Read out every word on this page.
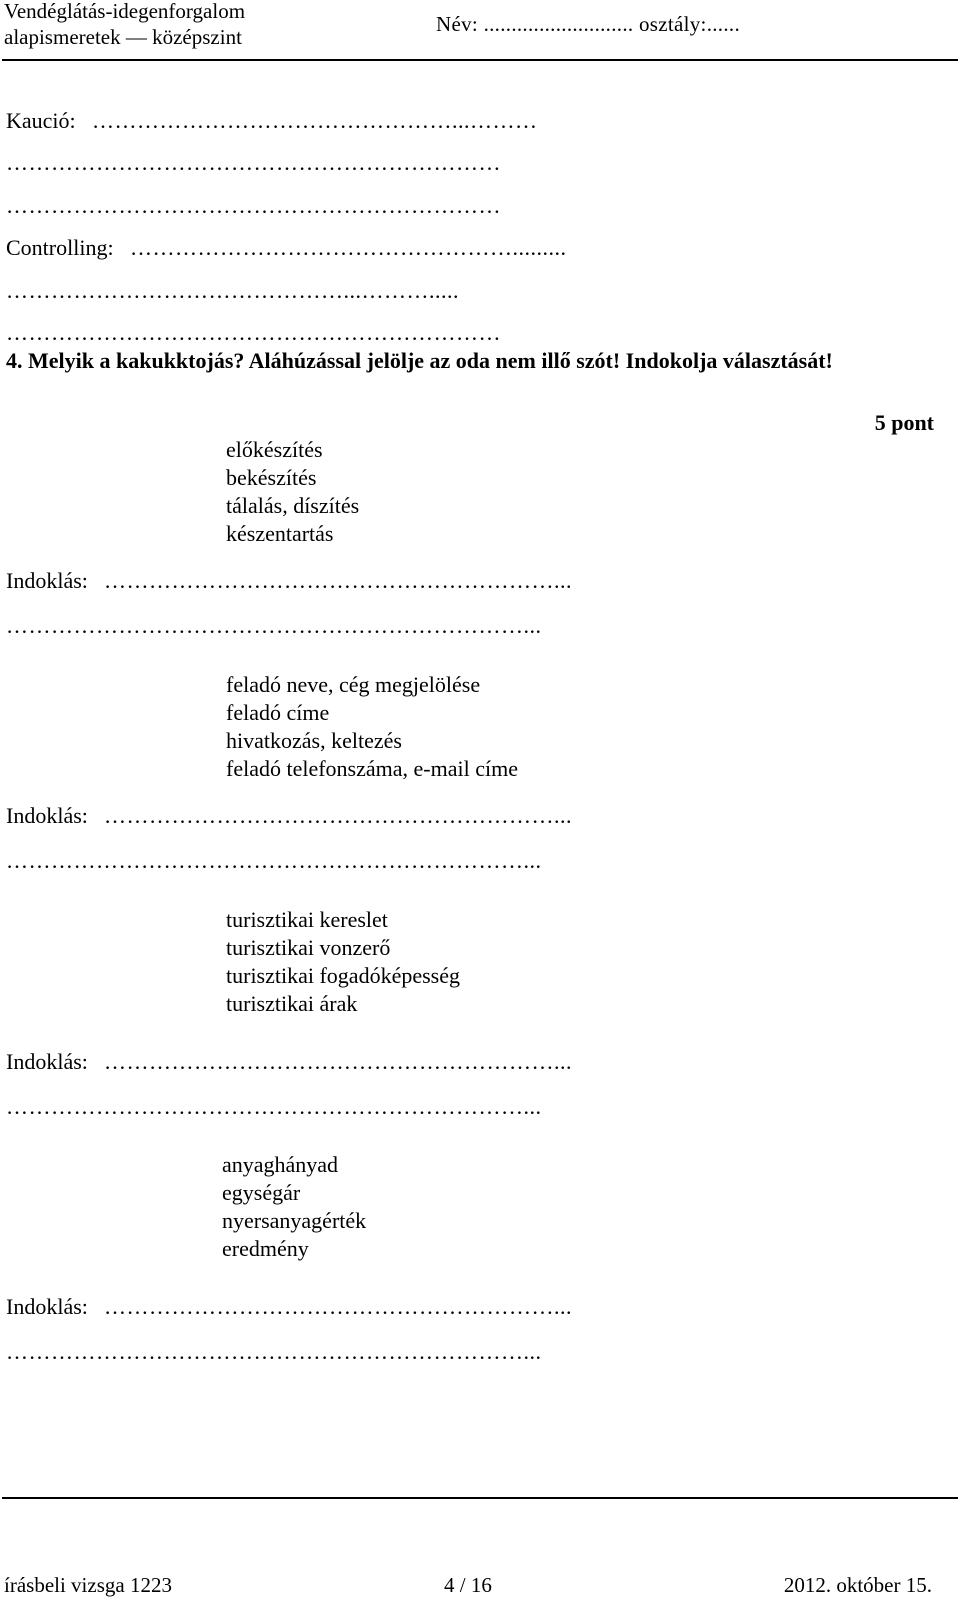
Vendéglátás-idegenforgalom
alapismeretek — középszint
Név: ........................... osztály:......
Kaució: …………………………………………...………
…………………………………………………………
…………………………………………………………
Controlling: …………………………………………….........
………………………………………...……….....
…………………………………………………………
4. Melyik a kakukktojás? Aláhúzással jelölje az oda nem illő szót! Indokolja választását!
5 pont
előkészítés
bekészítés
tálalás, díszítés
készentartás
Indoklás: ……………………………………………………...
……………………………………………………………...
feladó neve, cég megjelölése
feladó címe
hivatkozás, keltezés
feladó telefonszáma, e-mail címe
Indoklás: ……………………………………………………...
……………………………………………………………...
turisztikai kereslet
turisztikai vonzerő
turisztikai fogadóképesség
turisztikai árak
Indoklás: ……………………………………………………...
……………………………………………………………...
anyaghányad
egységár
nyersanyagérték
eredmény
Indoklás: ……………………………………………………...
……………………………………………………………...
írásbeli vizsga 1223	4 / 16	2012. október 15.
